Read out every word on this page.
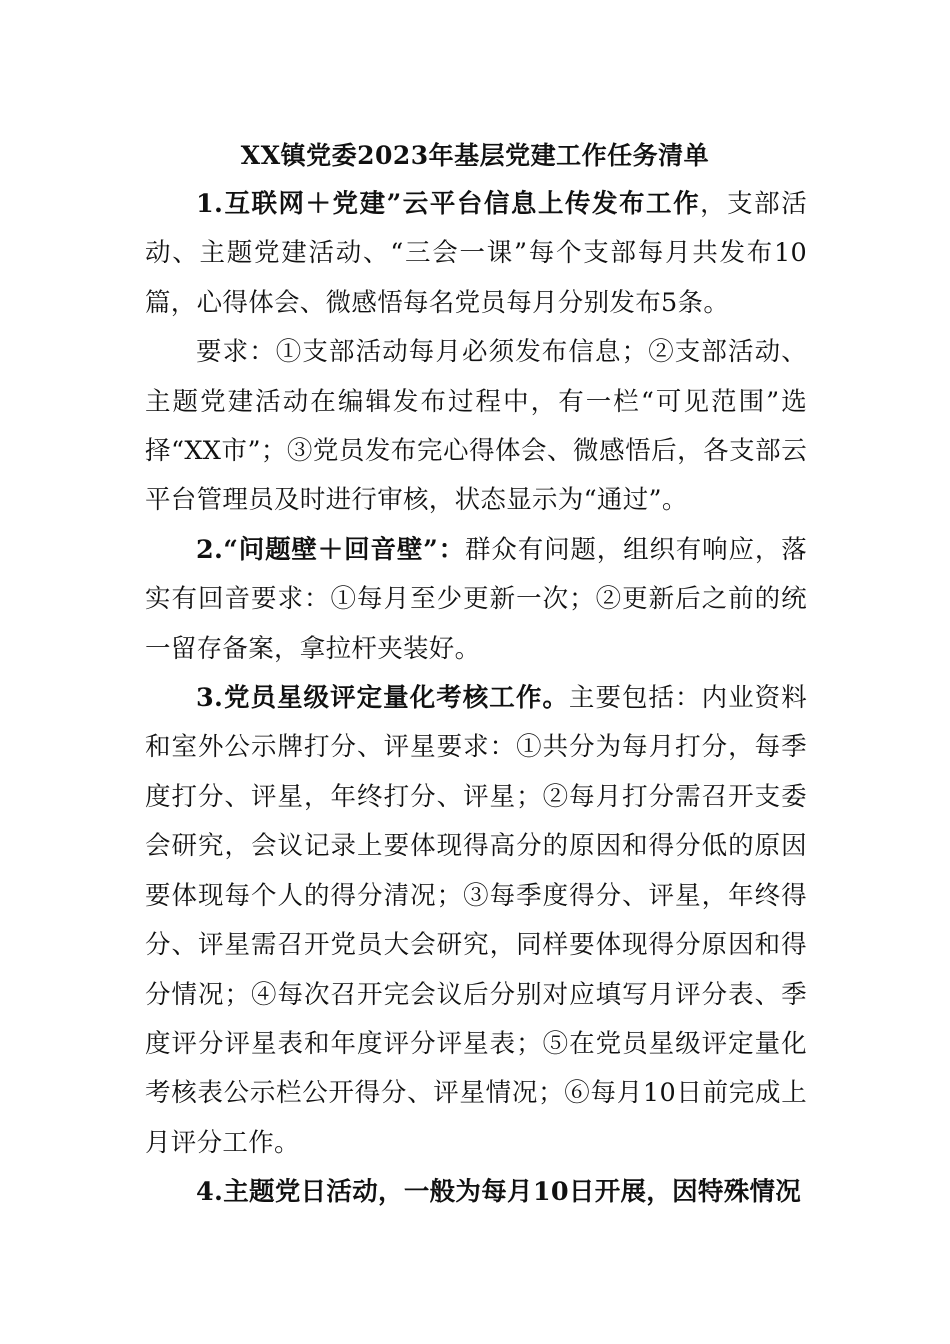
XX镇党委2023年基层党建工作任务清单

1.互联网＋党建”云平台信息上传发布工作，支部活动、主题党建活动、“三会一课”每个支部每月共发布10篇，心得体会、微感悟每名党员每月分别发布5条。

要求：①支部活动每月必须发布信息；②支部活动、主题党建活动在编辑发布过程中，有一栏“可见范围”选择“XX市”；③党员发布完心得体会、微感悟后，各支部云平台管理员及时进行审核，状态显示为“通过”。

2.“问题壁＋回音壁”：群众有问题，组织有响应，落实有回音要求：①每月至少更新一次；②更新后之前的统一留存备案，拿拉杆夹装好。

3.党员星级评定量化考核工作。主要包括：内业资料和室外公示牌打分、评星要求：①共分为每月打分，每季度打分、评星，年终打分、评星；②每月打分需召开支委会研究，会议记录上要体现得高分的原因和得分低的原因要体现每个人的得分清况；③每季度得分、评星，年终得分、评星需召开党员大会研究，同样要体现得分原因和得分情况；④每次召开完会议后分别对应填写月评分表、季度评分评星表和年度评分评星表；⑤在党员星级评定量化考核表公示栏公开得分、评星情况；⑥每月10日前完成上月评分工作。

4.主题党日活动，一般为每月10日开展，因特殊情况
